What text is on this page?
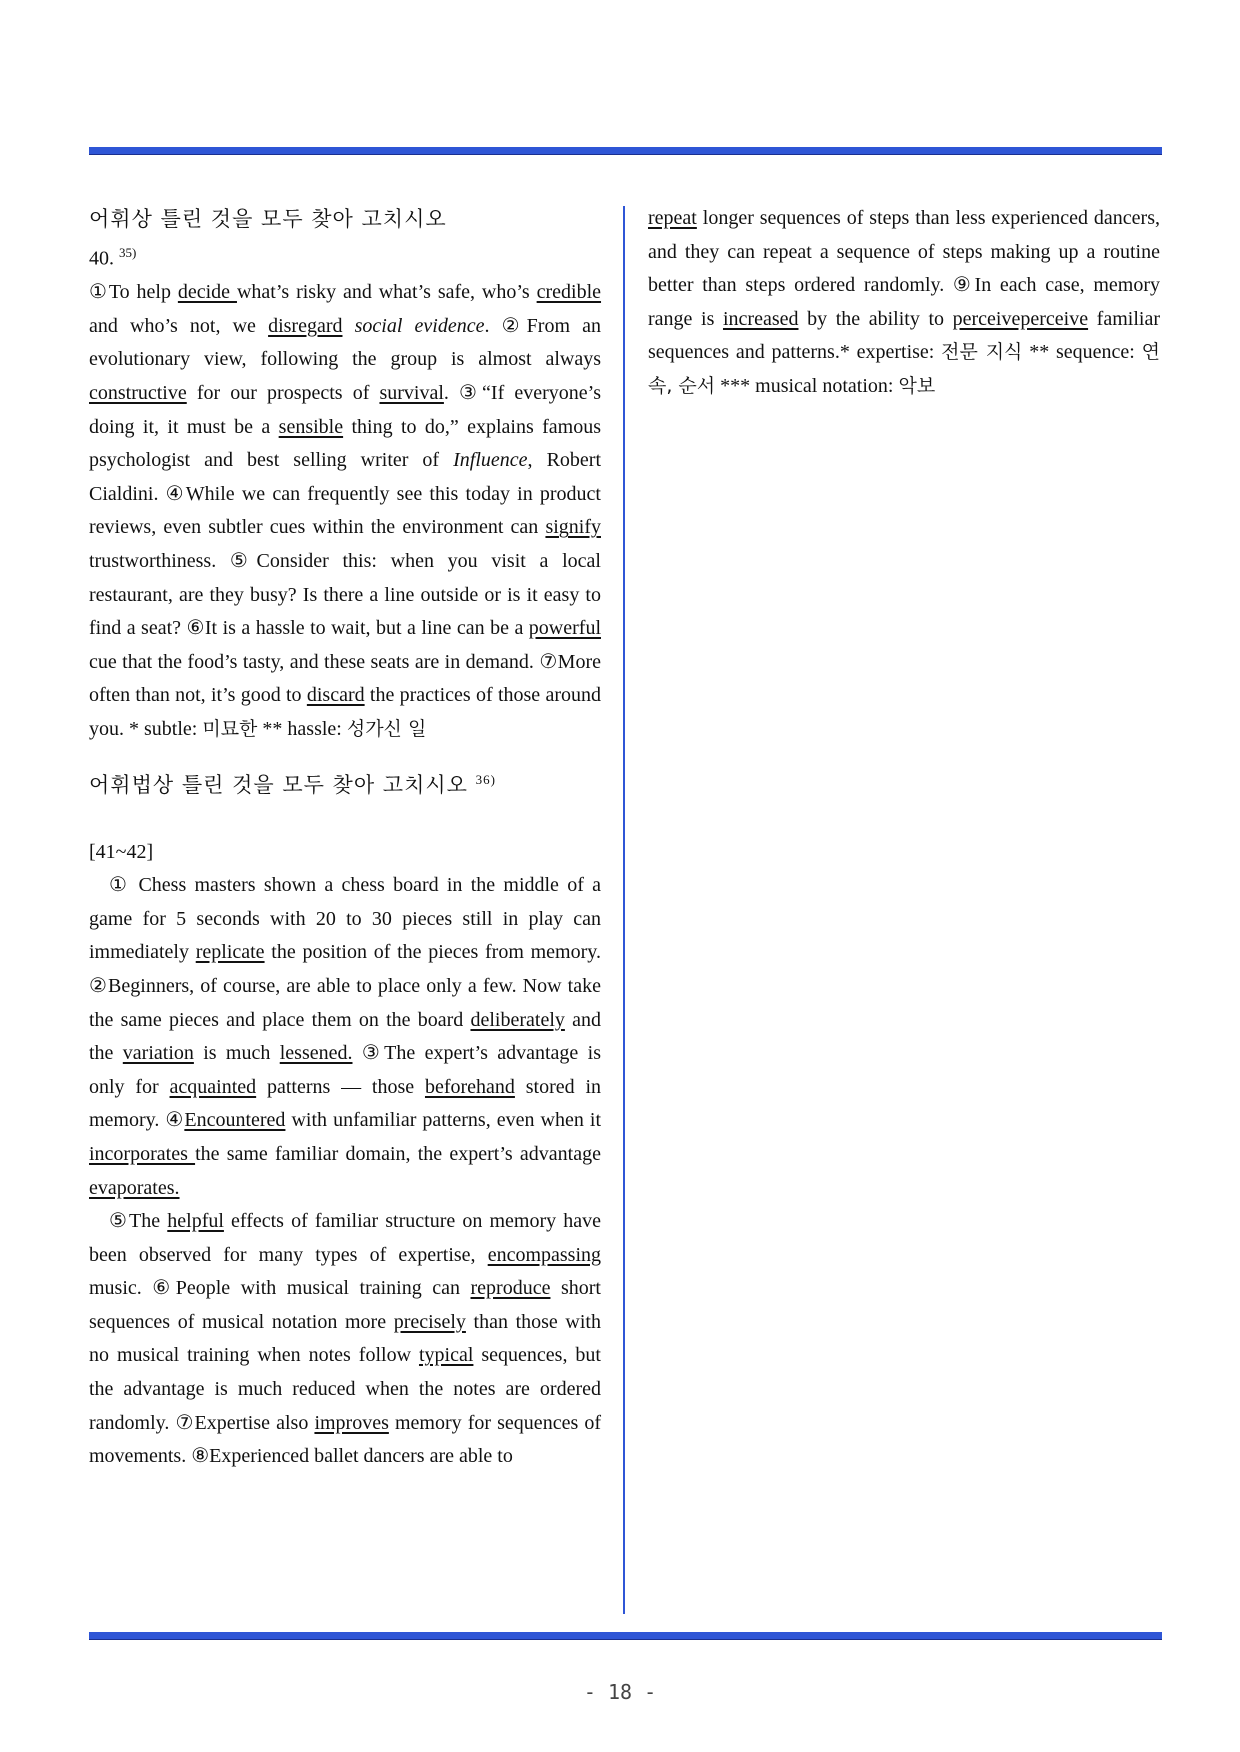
어휘상 틀린 것을 모두 찾아 고치시오
40. $^{35)}$

①To help decide what’s risky and what’s safe, who’s credible and who’s not, we disregard social evidence. ②From an evolutionary view, following the group is almost always constructive for our prospects of survival. ③“If everyone’s doing it, it must be a sensible thing to do,” explains famous psychologist and best selling writer of Influence, Robert Cialdini. ④While we can frequently see this today in product reviews, even subtler cues within the environment can signify trustworthiness. ⑤Consider this: when you visit a local restaurant, are they busy? Is there a line outside or is it easy to find a seat? ⑥It is a hassle to wait, but a line can be a powerful cue that the food’s tasty, and these seats are in demand. ⑦More often than not, it’s good to discard the practices of those around you. * subtle: 미묘한 ** hassle: 성가신 일

어휘법상 틀린 것을 모두 찾아 고치시오 $^{36)}$
[41~42]

① Chess masters shown a chess board in the middle of a game for 5 seconds with 20 to 30 pieces still in play can immediately replicate the position of the pieces from memory. ②Beginners, of course, are able to place only a few. Now take the same pieces and place them on the board deliberately and the variation is much lessened. ③The expert’s advantage is only for acquainted patterns — those beforehand stored in memory. ④Encountered with unfamiliar patterns, even when it incorporates the same familiar domain, the expert’s advantage evaporates.

⑤The helpful effects of familiar structure on memory have been observed for many types of expertise, encompassing music. ⑥People with musical training can reproduce short sequences of musical notation more precisely than those with no musical training when notes follow typical sequences, but the advantage is much reduced when the notes are ordered randomly. ⑦Expertise also improves memory for sequences of movements. ⑧Experienced ballet dancers are able to

repeat longer sequences of steps than less experienced dancers, and they can repeat a sequence of steps making up a routine better than steps ordered randomly. ⑨In each case, memory range is increased by the ability to perceiveperceive familiar sequences and patterns.* expertise: 전문 지식 ** sequence: 연속, 순서 *** musical notation: 악보

- 18 -
